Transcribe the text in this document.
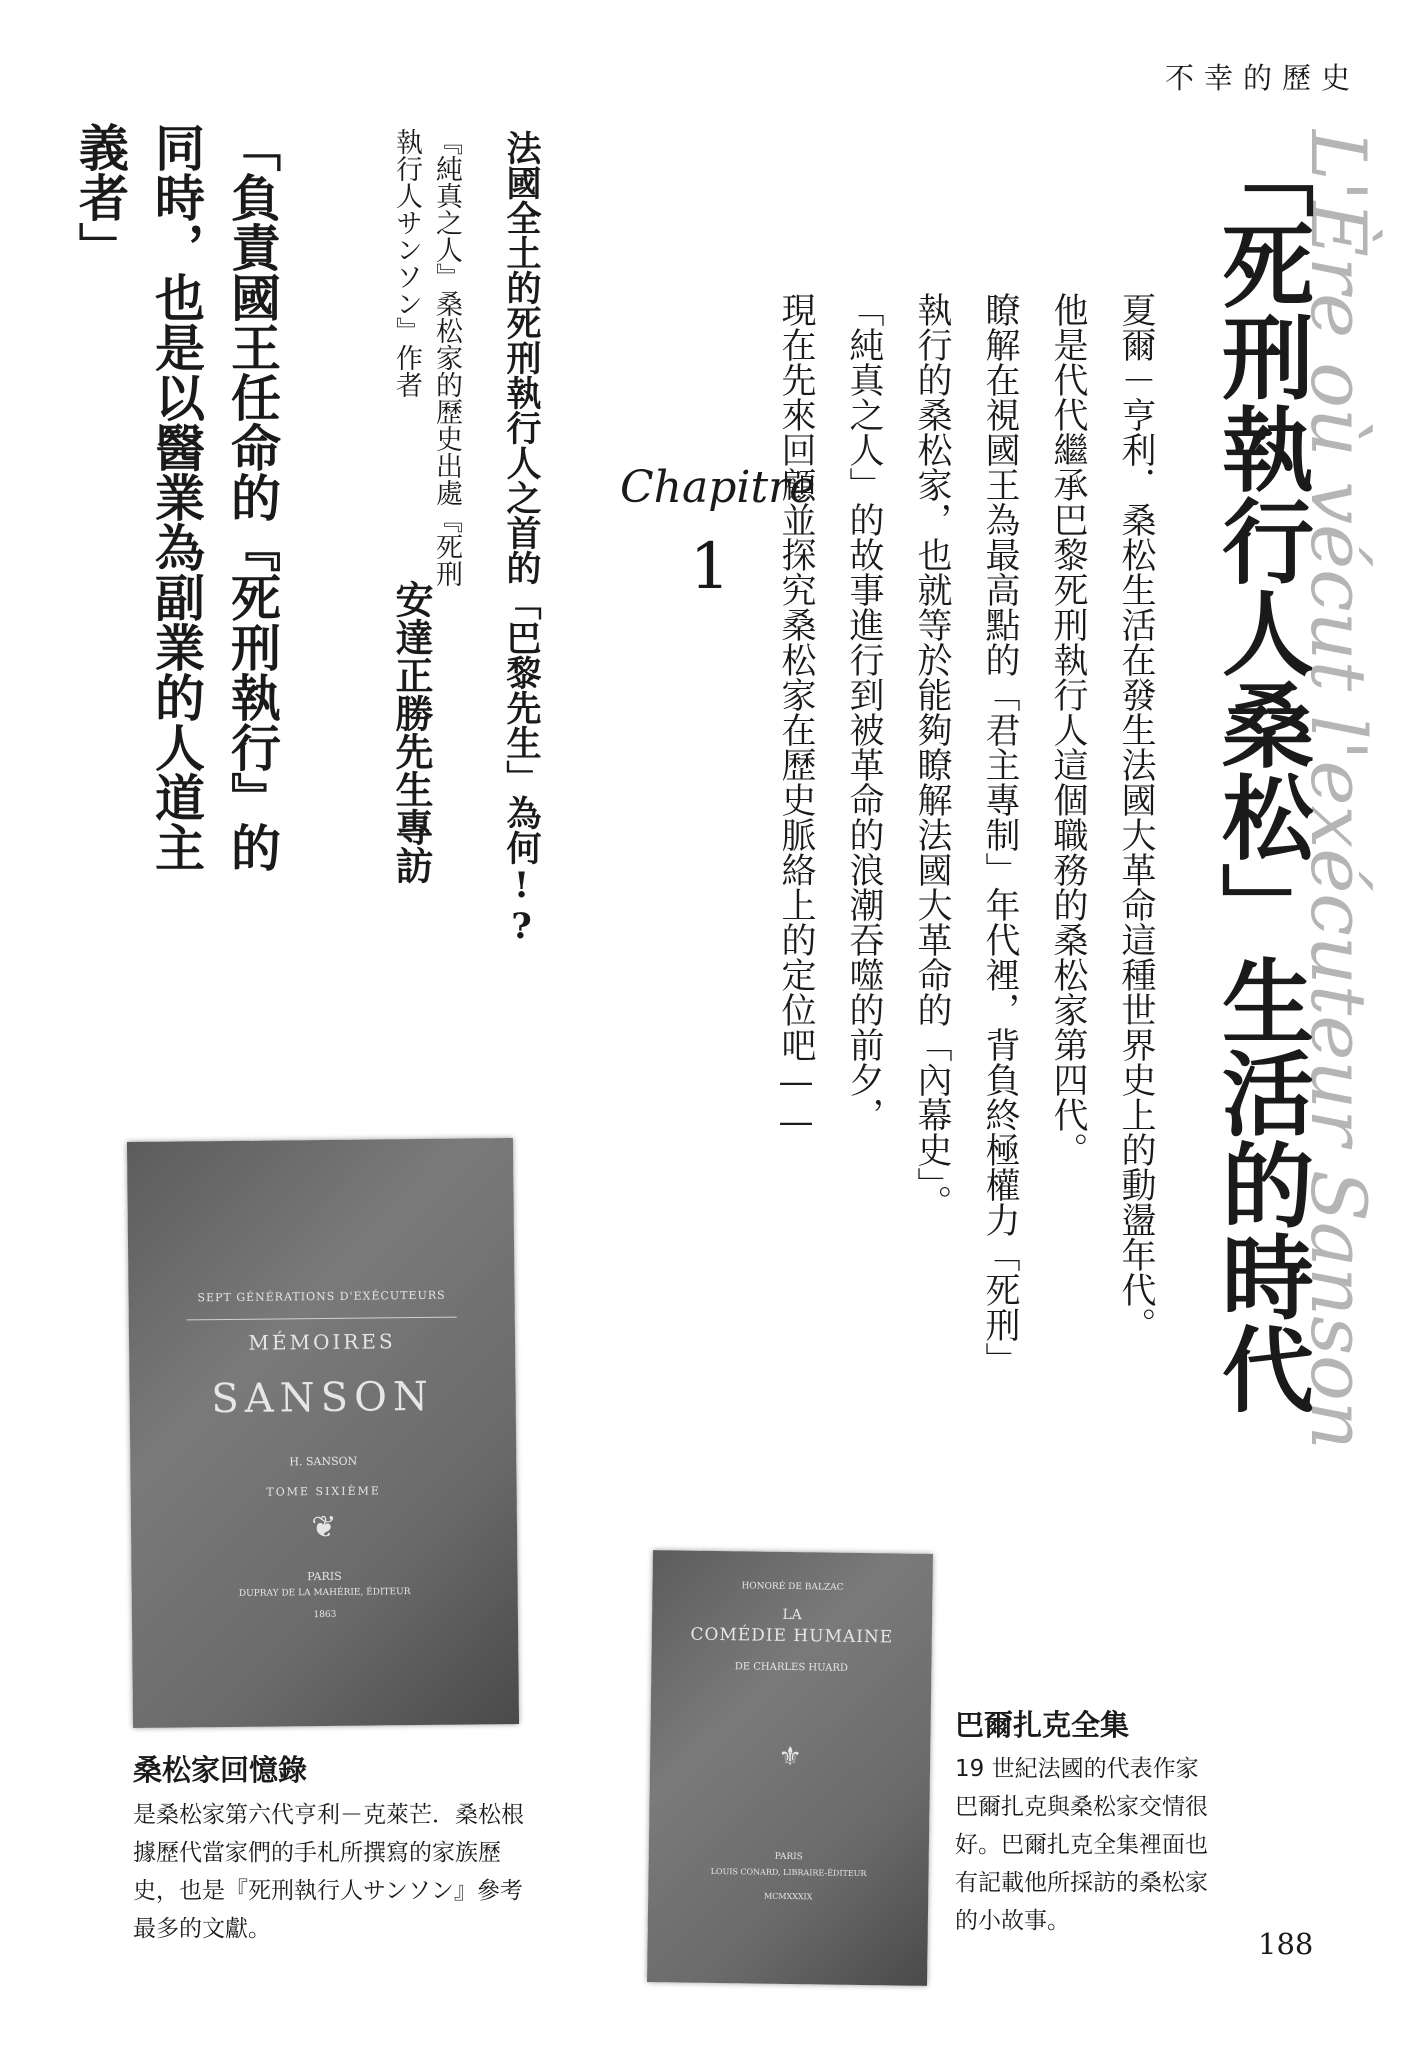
不幸的歷史
L'Ère où vécut l'exécuteur Sanson
「死刑執行人桑松」生活的時代
夏爾－亨利．桑松生活在發生法國大革命這種世界史上的動盪年代。
他是代代繼承巴黎死刑執行人這個職務的桑松家第四代。
瞭解在視國王為最高點的「君主專制」年代裡，背負終極權力「死刑」
執行的桑松家，也就等於能夠瞭解法國大革命的「內幕史」。
「純真之人」的故事進行到被革命的浪潮吞噬的前夕，
現在先來回顧並探究桑松家在歷史脈絡上的定位吧——
Chapitre
1
法國全土的死刑執行人之首的「巴黎先生」為何!?
『純真之人』桑松家的歷史出處『死刑執行人サンソン』作者
安達正勝先生專訪
「負責國王任命的『死刑執行』的同時，也是以醫業為副業的人道主義者」
SEPT GÉNÉRATIONS D'EXÉCUTEURS
MÉMOIRES
SANSON
H. SANSON
TOME SIXIÈME
❦
PARIS
DUPRAY DE LA MAHÉRIE, ÉDITEUR
1863
桑松家回憶錄
是桑松家第六代亨利－克萊芒．桑松根據歷代當家們的手札所撰寫的家族歷史，也是『死刑執行人サンソン』參考最多的文獻。
HONORÉ DE BALZAC
LA
COMÉDIE HUMAINE
DE CHARLES HUARD
⚜
PARIS
LOUIS CONARD, LIBRAIRE-ÉDITEUR
MCMXXXIX
巴爾扎克全集
19 世紀法國的代表作家巴爾扎克與桑松家交情很好。巴爾扎克全集裡面也有記載他所採訪的桑松家的小故事。
188
